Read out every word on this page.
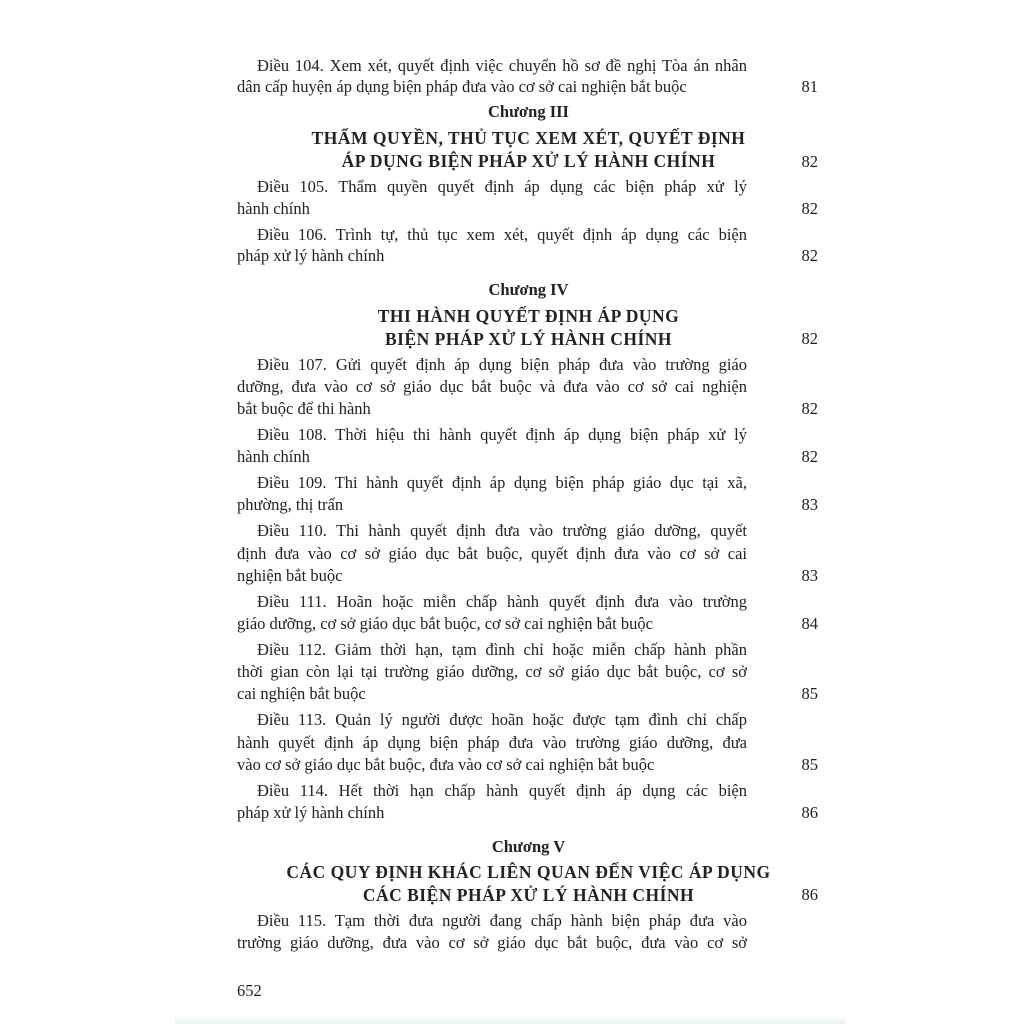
Điều 104. Xem xét, quyết định việc chuyển hồ sơ đề nghị Tòa án nhân
dân cấp huyện áp dụng biện pháp đưa vào cơ sở cai nghiện bắt buộc	81
Chương III
THẨM QUYỀN, THỦ TỤC XEM XÉT, QUYẾT ĐỊNH
ÁP DỤNG BIỆN PHÁP XỬ LÝ HÀNH CHÍNH	82
Điều 105. Thẩm quyền quyết định áp dụng các biện pháp xử lý
hành chính	82
Điều 106. Trình tự, thủ tục xem xét, quyết định áp dụng các biện
pháp xử lý hành chính	82
Chương IV
THI HÀNH QUYẾT ĐỊNH ÁP DỤNG
BIỆN PHÁP XỬ LÝ HÀNH CHÍNH	82
Điều 107. Gửi quyết định áp dụng biện pháp đưa vào trường giáo
dưỡng, đưa vào cơ sở giáo dục bắt buộc và đưa vào cơ sở cai nghiện
bắt buộc để thi hành	82
Điều 108. Thời hiệu thi hành quyết định áp dụng biện pháp xử lý
hành chính	82
Điều 109. Thi hành quyết định áp dụng biện pháp giáo dục tại xã,
phường, thị trấn	83
Điều 110. Thi hành quyết định đưa vào trường giáo dưỡng, quyết
định đưa vào cơ sở giáo dục bắt buộc, quyết định đưa vào cơ sở cai
nghiện bắt buộc	83
Điều 111. Hoãn hoặc miễn chấp hành quyết định đưa vào trường
giáo dưỡng, cơ sở giáo dục bắt buộc, cơ sở cai nghiện bắt buộc	84
Điều 112. Giảm thời hạn, tạm đình chỉ hoặc miễn chấp hành phần
thời gian còn lại tại trường giáo dưỡng, cơ sở giáo dục bắt buộc, cơ sở
cai nghiện bắt buộc	85
Điều 113. Quản lý người được hoãn hoặc được tạm đình chỉ chấp
hành quyết định áp dụng biện pháp đưa vào trường giáo dưỡng, đưa
vào cơ sở giáo dục bắt buộc, đưa vào cơ sở cai nghiện bắt buộc	85
Điều 114. Hết thời hạn chấp hành quyết định áp dụng các biện
pháp xử lý hành chính	86
Chương V
CÁC QUY ĐỊNH KHÁC LIÊN QUAN ĐẾN VIỆC ÁP DỤNG
CÁC BIỆN PHÁP XỬ LÝ HÀNH CHÍNH	86
Điều 115. Tạm thời đưa người đang chấp hành biện pháp đưa vào
trường giáo dưỡng, đưa vào cơ sở giáo dục bắt buộc, đưa vào cơ sở
652
